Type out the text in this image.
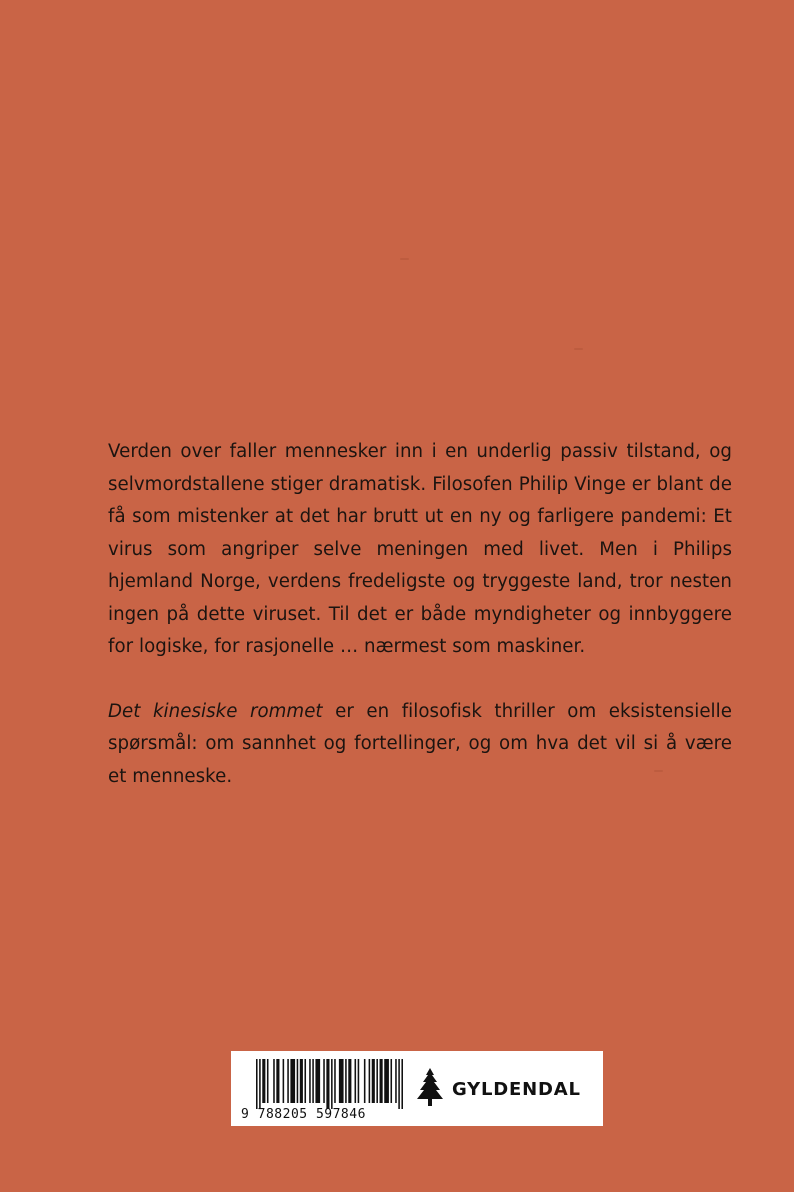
Verden over faller mennesker inn i en underlig passiv tilstand, og selvmordstallene stiger dramatisk. Filosofen Philip Vinge er blant de få som mistenker at det har brutt ut en ny og farligere pandemi: Et virus som angriper selve meningen med livet. Men i Philips hjemland Norge, verdens fredeligste og tryggeste land, tror nesten ingen på dette viruset. Til det er både myndigheter og innbyggere for logiske, for rasjonelle … nærmest som maskiner.

Det kinesiske rommet er en filosofisk thriller om eksistensielle spørsmål: om sannhet og fortellinger, og om hva det vil si å være et menneske.

9 788205 597846
GYLDENDAL
